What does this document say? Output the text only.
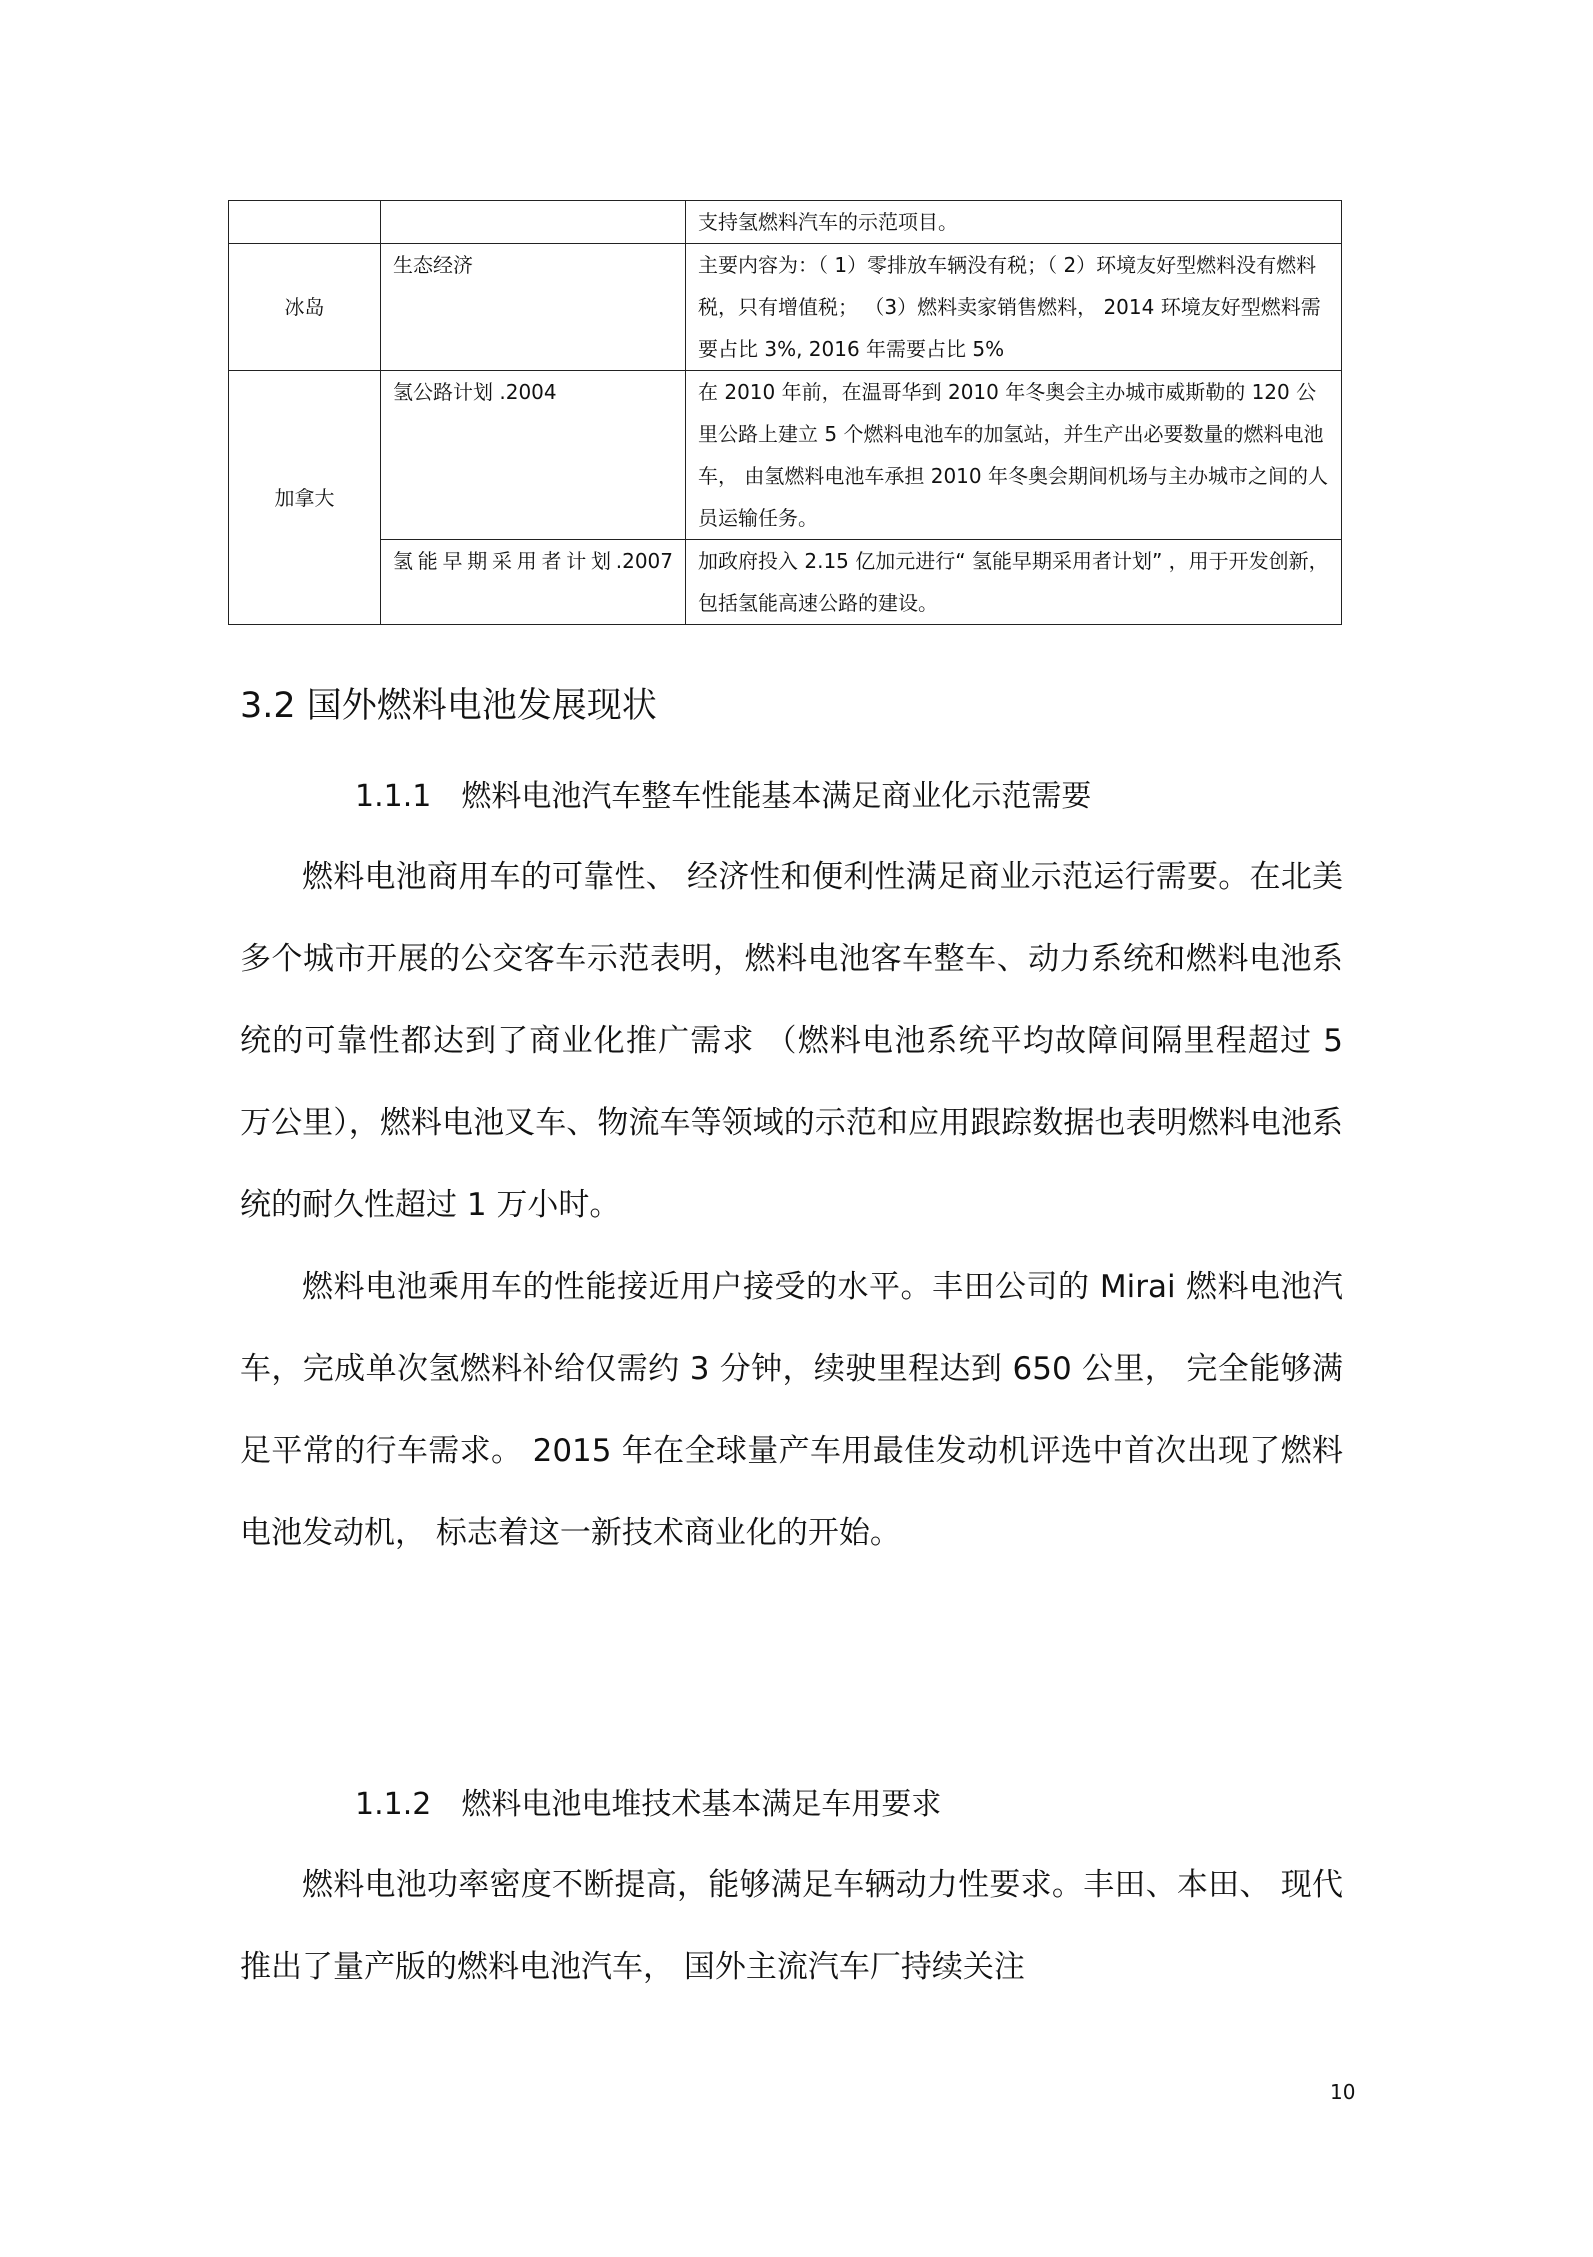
		支持氢燃料汽车的示范项目。
冰岛	生态经济	主要内容为：（ 1）零排放车辆没有税；（ 2）环境友好型燃料没有燃料税，只有增值税； （3）燃料卖家销售燃料， 2014 环境友好型燃料需要占比 3%, 2016 年需要占比 5%
加拿大	氢公路计划 .2004	在 2010 年前，在温哥华到 2010 年冬奥会主办城市威斯勒的 120 公里公路上建立 5 个燃料电池车的加氢站，并生产出必要数量的燃料电池车， 由氢燃料电池车承担 2010 年冬奥会期间机场与主办城市之间的人员运输任务。
	氢能早期采用者计划.2007	加政府投入 2.15 亿加元进行“ 氢能早期采用者计划” ，用于开发创新，包括氢能高速公路的建设。
3.2 国外燃料电池发展现状
1.1.1　燃料电池汽车整车性能基本满足商业化示范需要

燃料电池商用车的可靠性、 经济性和便利性满足商业示范运行需要。在北美多个城市开展的公交客车示范表明，燃料电池客车整车、动力系统和燃料电池系统的可靠性都达到了商业化推广需求 （燃料电池系统平均故障间隔里程超过 5 万公里），燃料电池叉车、物流车等领域的示范和应用跟踪数据也表明燃料电池系统的耐久性超过 1 万小时。

燃料电池乘用车的性能接近用户接受的水平。丰田公司的 Mirai 燃料电池汽车，完成单次氢燃料补给仅需约 3 分钟，续驶里程达到 650 公里， 完全能够满足平常的行车需求。 2015 年在全球量产车用最佳发动机评选中首次出现了燃料电池发动机， 标志着这一新技术商业化的开始。

1.1.2　燃料电池电堆技术基本满足车用要求

燃料电池功率密度不断提高，能够满足车辆动力性要求。丰田、本田、 现代推出了量产版的燃料电池汽车， 国外主流汽车厂持续关注

10
